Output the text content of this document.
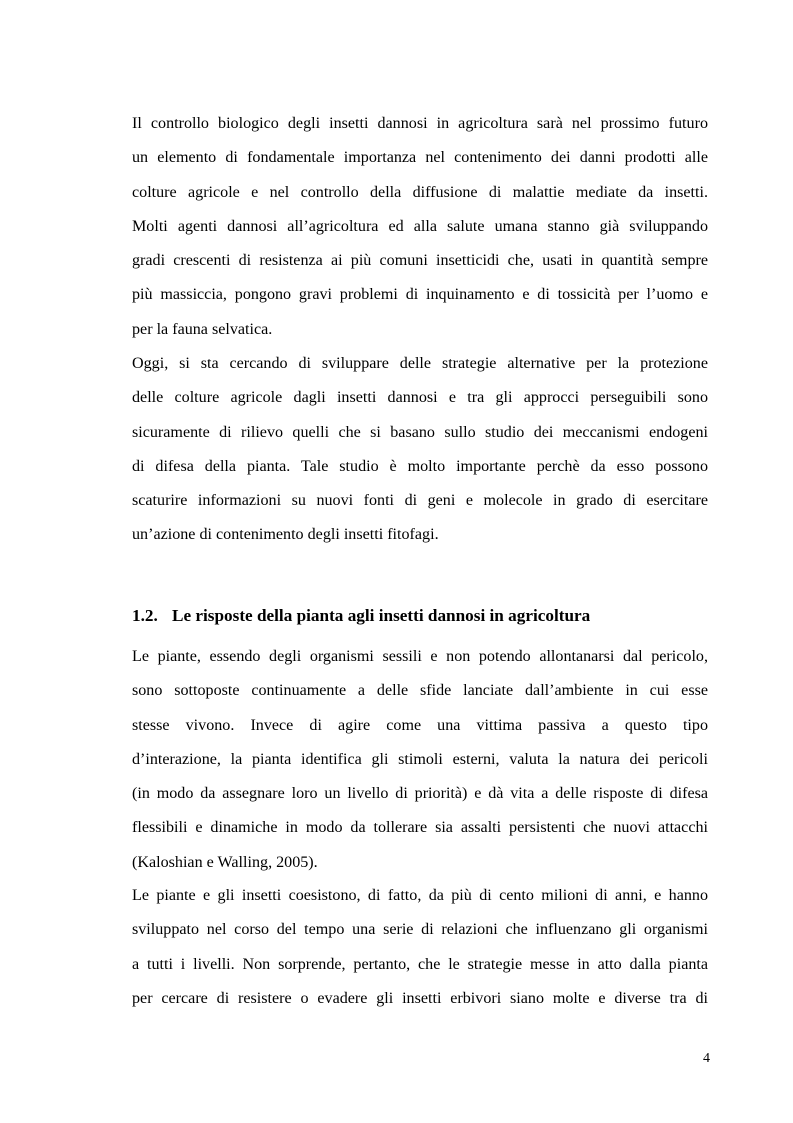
Il controllo biologico degli insetti dannosi in agricoltura sarà nel prossimo futuro
un elemento di fondamentale importanza nel contenimento dei danni prodotti alle
colture agricole e nel controllo della diffusione di malattie mediate da insetti.
Molti agenti dannosi all’agricoltura ed alla salute umana stanno già sviluppando
gradi crescenti di resistenza ai più comuni insetticidi che, usati in quantità sempre
più massiccia, pongono gravi problemi di inquinamento e di tossicità per l’uomo e
per la fauna selvatica.
Oggi, si sta cercando di sviluppare delle strategie alternative per la protezione
delle colture agricole dagli insetti dannosi e tra gli approcci perseguibili sono
sicuramente di rilievo quelli che si basano sullo studio dei meccanismi endogeni
di difesa della pianta. Tale studio è molto importante perchè da esso possono
scaturire informazioni su nuovi fonti di geni e molecole in grado di esercitare
un’azione di contenimento degli insetti fitofagi.
1.2. Le risposte della pianta agli insetti dannosi in agricoltura
Le piante, essendo degli organismi sessili e non potendo allontanarsi dal pericolo,
sono sottoposte continuamente a delle sfide lanciate dall’ambiente in cui esse
stesse vivono. Invece di agire come una vittima passiva a questo tipo
d’interazione, la pianta identifica gli stimoli esterni, valuta la natura dei pericoli
(in modo da assegnare loro un livello di priorità) e dà vita a delle risposte di difesa
flessibili e dinamiche in modo da tollerare sia assalti persistenti che nuovi attacchi
(Kaloshian e Walling, 2005).
Le piante e gli insetti coesistono, di fatto, da più di cento milioni di anni, e hanno
sviluppato nel corso del tempo una serie di relazioni che influenzano gli organismi
a tutti i livelli. Non sorprende, pertanto, che le strategie messe in atto dalla pianta
per cercare di resistere o evadere gli insetti erbivori siano molte e diverse tra di
4
